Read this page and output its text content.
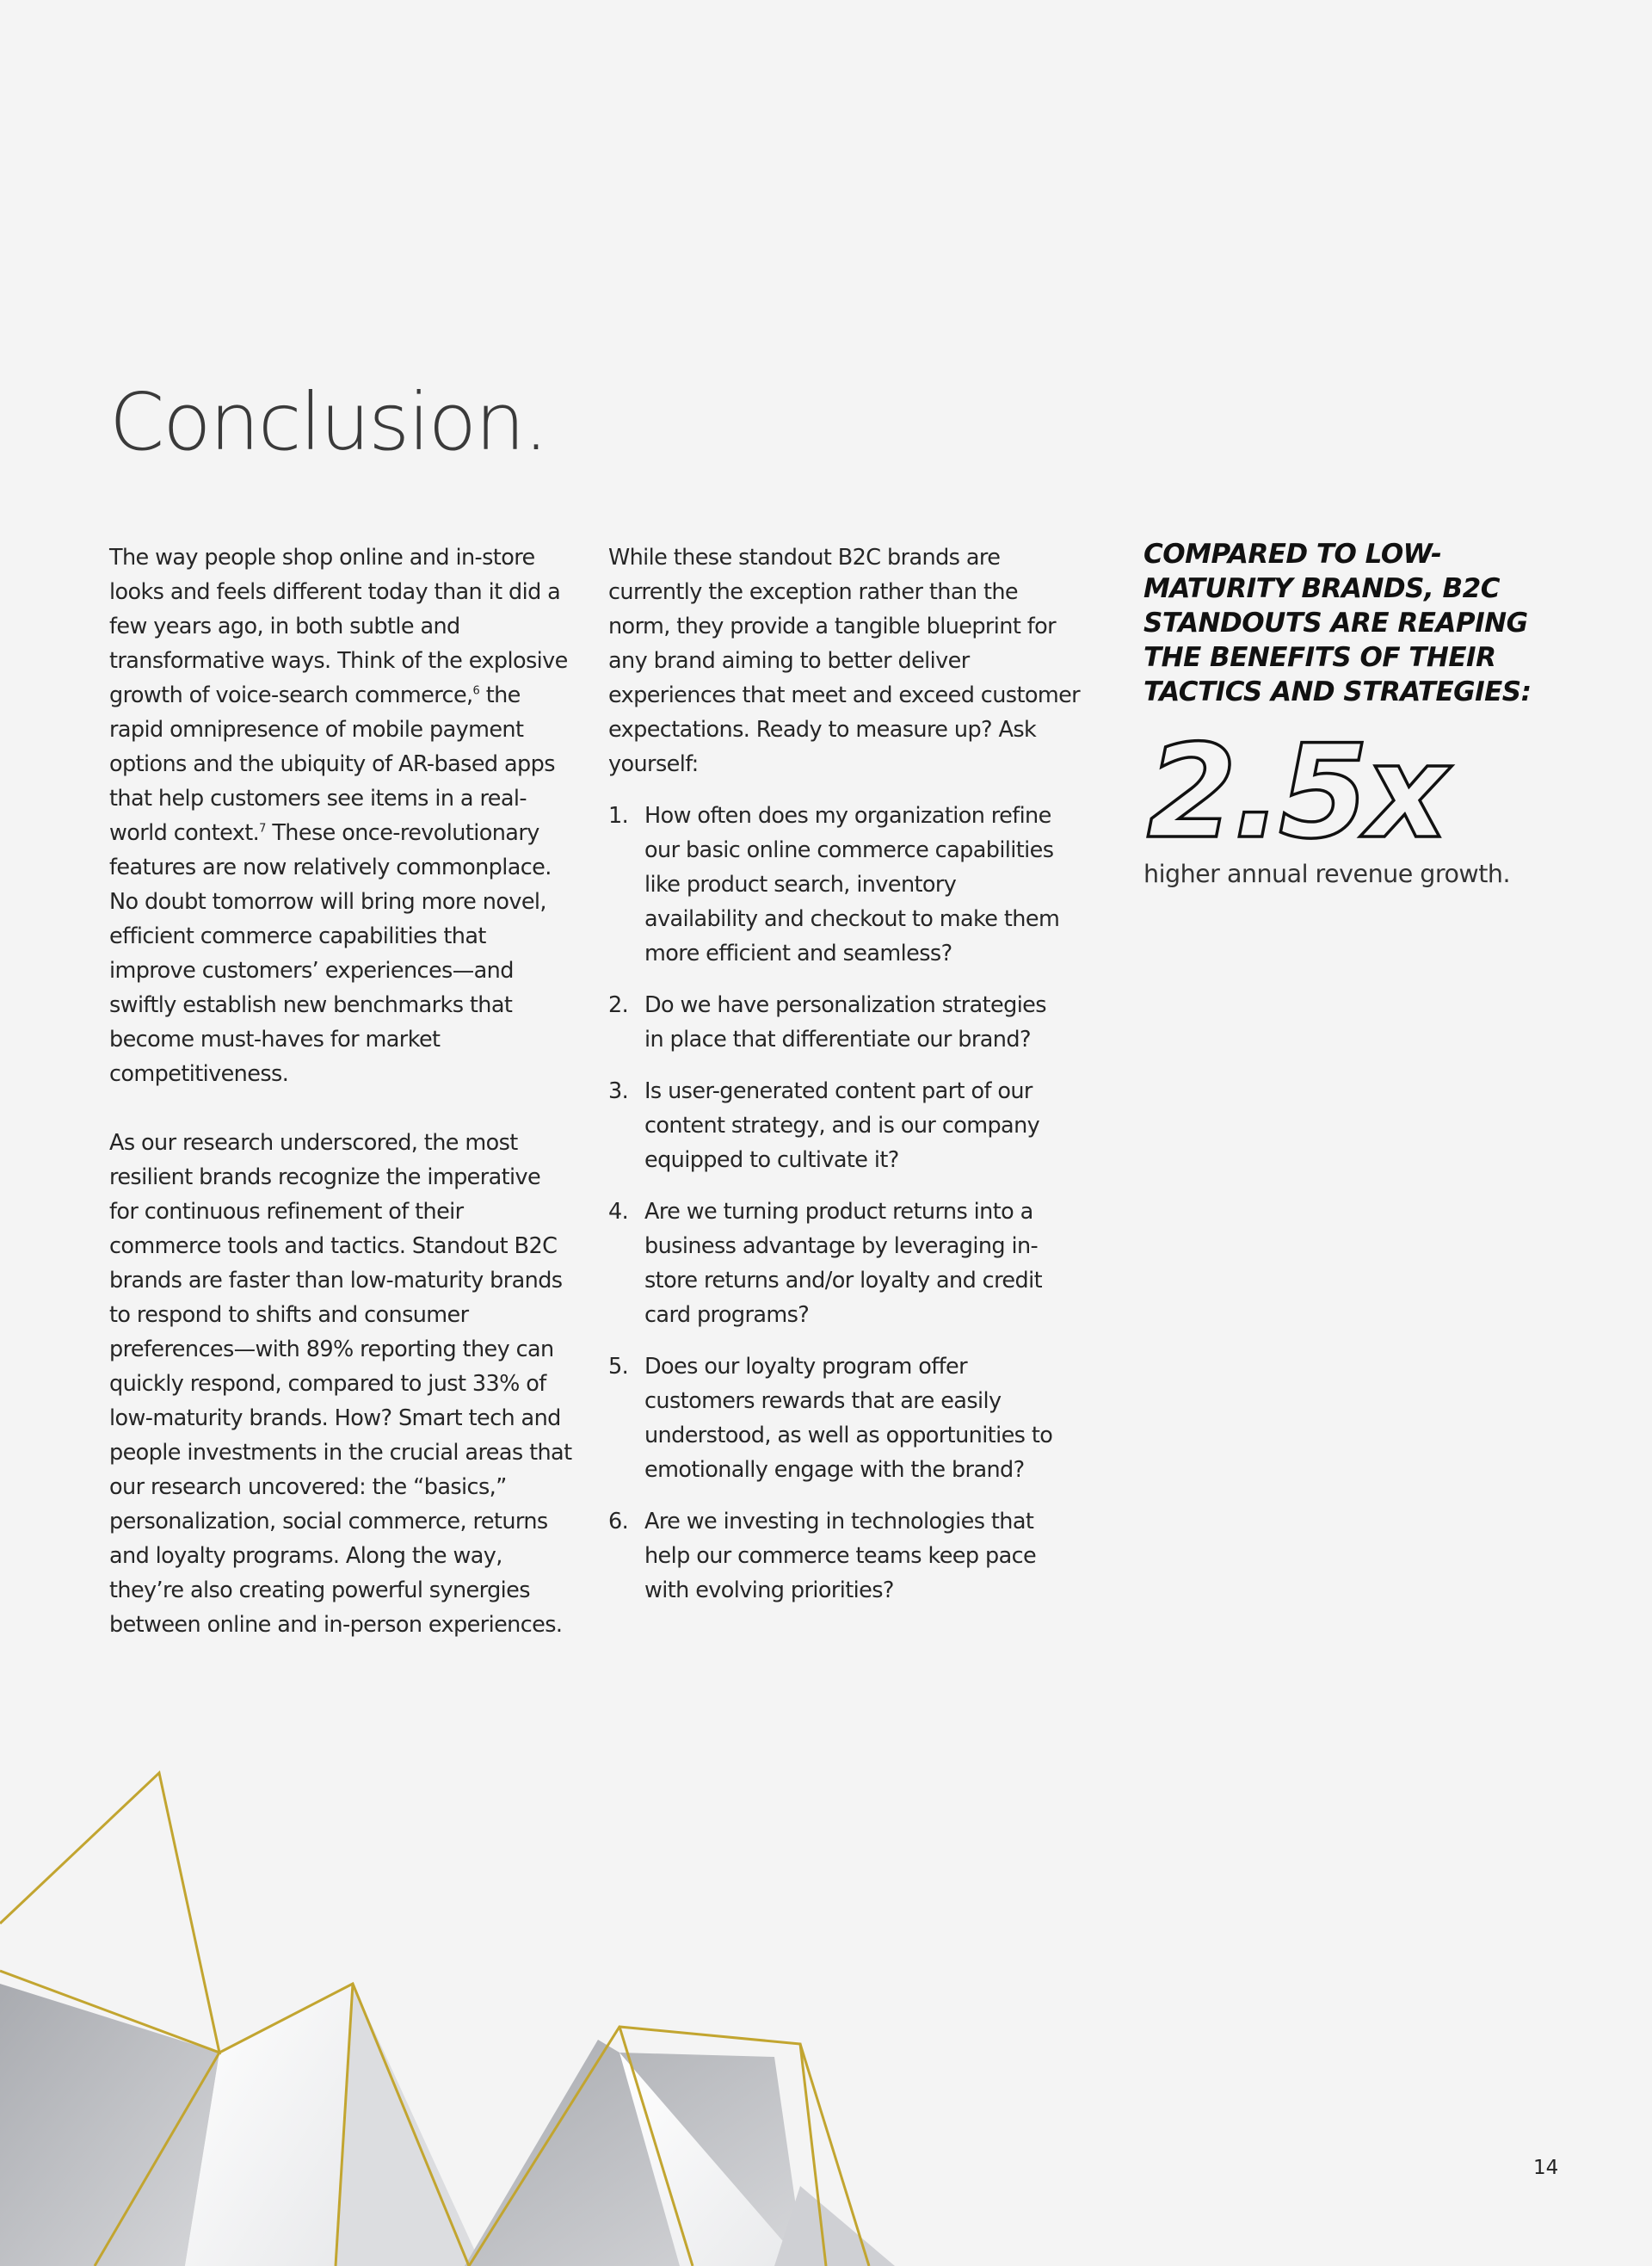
Conclusion.

The way people shop online and in-store looks and feels different today than it did a few years ago, in both subtle and transformative ways. Think of the explosive growth of voice-search commerce,$^6$ the rapid omnipresence of mobile payment options and the ubiquity of AR-based apps that help customers see items in a real-world context.$^7$ These once-revolutionary features are now relatively commonplace. No doubt tomorrow will bring more novel, efficient commerce capabilities that improve customers’ experiences—and swiftly establish new benchmarks that become must-haves for market competitiveness.

As our research underscored, the most resilient brands recognize the imperative for continuous refinement of their commerce tools and tactics. Standout B2C brands are faster than low-maturity brands to respond to shifts and consumer preferences—with 89% reporting they can quickly respond, compared to just 33% of low-maturity brands. How? Smart tech and people investments in the crucial areas that our research uncovered: the “basics,” personalization, social commerce, returns and loyalty programs. Along the way, they’re also creating powerful synergies between online and in-person experiences.

While these standout B2C brands are currently the exception rather than the norm, they provide a tangible blueprint for any brand aiming to better deliver experiences that meet and exceed customer expectations. Ready to measure up? Ask yourself:

1. How often does my organization refine our basic online commerce capabilities like product search, inventory availability and checkout to make them more efficient and seamless?
2. Do we have personalization strategies in place that differentiate our brand?
3. Is user-generated content part of our content strategy, and is our company equipped to cultivate it?
4. Are we turning product returns into a business advantage by leveraging in-store returns and/or loyalty and credit card programs?
5. Does our loyalty program offer customers rewards that are easily understood, as well as opportunities to emotionally engage with the brand?
6. Are we investing in technologies that help our commerce teams keep pace with evolving priorities?

COMPARED TO LOW-MATURITY BRANDS, B2C STANDOUTS ARE REAPING THE BENEFITS OF THEIR TACTICS AND STRATEGIES:

2.5x

higher annual revenue growth.

14
